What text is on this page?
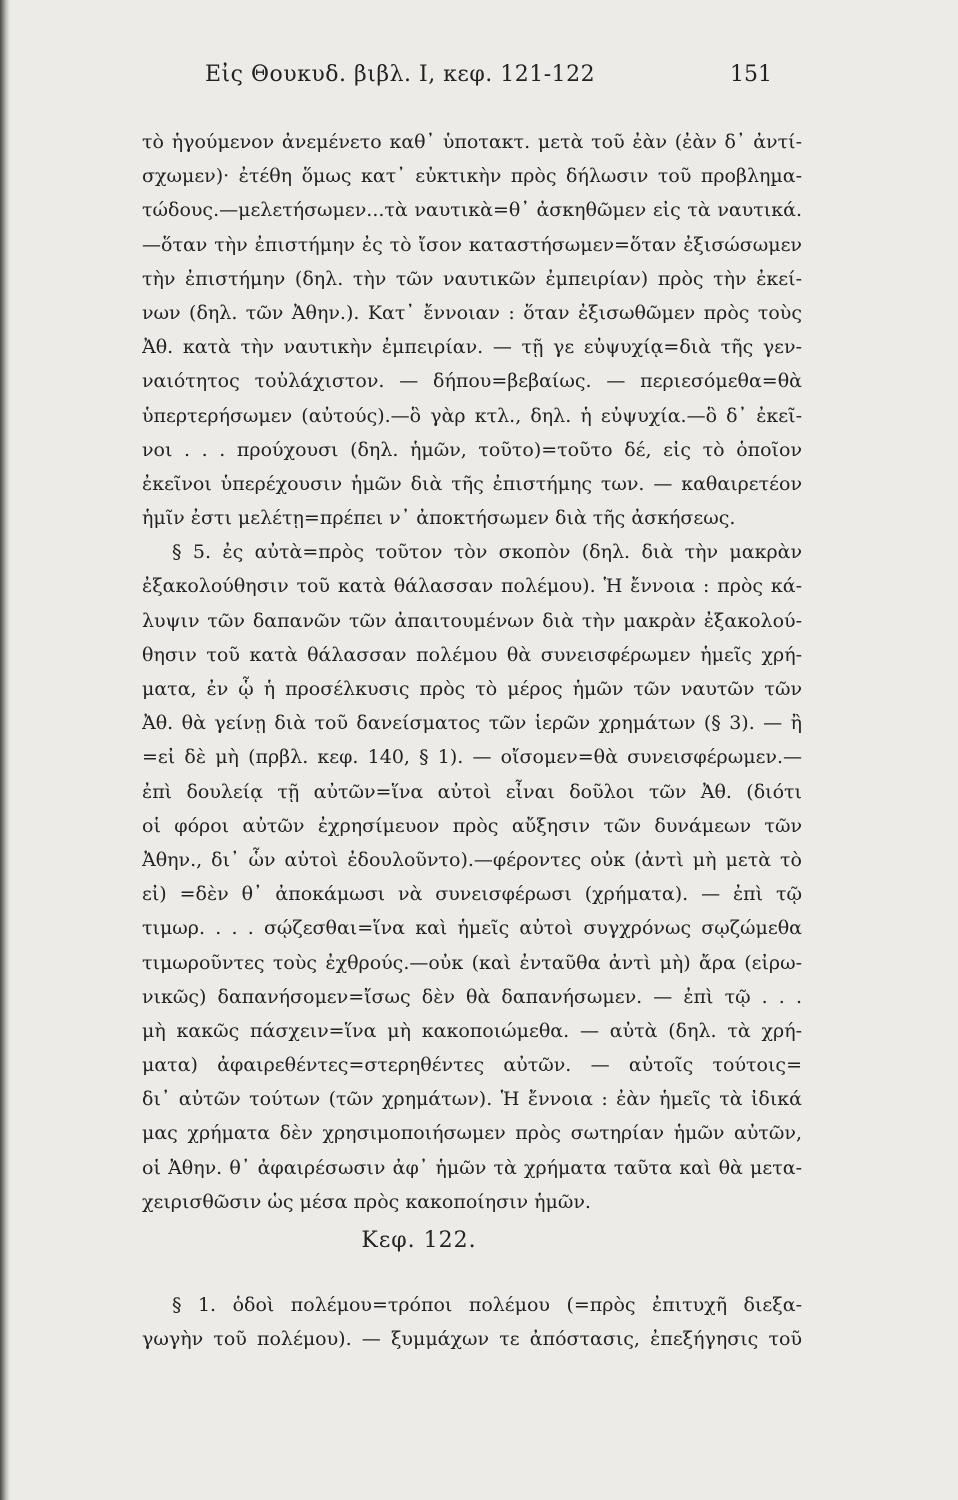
Εἰς Θουκυδ. βιβλ. I, κεφ. 121-122	151
τὸ ἡγούμενον ἀνεμένετο καθ᾽ ὑποτακτ. μετὰ τοῦ ἐὰν (ἐὰν δ᾽ ἀντί-
σχωμεν)· ἐτέθη ὅμως κατ᾽ εὐκτικὴν πρὸς δήλωσιν τοῦ προβληµα-
τώδους.—μελετήσωμεν...τὰ ναυτικὰ=θ᾽ ἀσκηθῶμεν εἰς τὰ ναυτικά.
—ὅταν τὴν ἐπιστήμην ἐς τὸ ἴσον καταστήσωμεν=ὅταν ἐξισώσωμεν
τὴν ἐπιστήμην (δηλ. τὴν τῶν ναυτικῶν ἐμπειρίαν) πρὸς τὴν ἐκεί-
νων (δηλ. τῶν Ἀθην.). Κατ᾽ ἔννοιαν : ὅταν ἐξισωθῶμεν πρὸς τοὺς
Ἀθ. κατὰ τὴν ναυτικὴν ἐμπειρίαν. — τῇ γε εὐψυχίᾳ=διὰ τῆς γεν-
ναιότητος τοὐλάχιστον. — δήπου=βεβαίως. — περιεσόμεθα=θὰ
ὑπερτερήσωμεν (αὐτούς).—ὃ γὰρ κτλ., δηλ. ἡ εὐψυχία.—ὃ δ᾽ ἐκεῖ-
νοι . . . προύχουσι (δηλ. ἡμῶν, τοῦτο)=τοῦτο δέ, εἰς τὸ ὁποῖον
ἐκεῖνοι ὑπερέχουσιν ἡμῶν διὰ τῆς ἐπιστήμης των. — καθαιρετέον
ἡμῖν ἐστι μελέτῃ=πρέπει ν᾽ ἀποκτήσωμεν διὰ τῆς ἀσκήσεως.
§ 5. ἐς αὐτὰ=πρὸς τοῦτον τὸν σκοπὸν (δηλ. διὰ τὴν μακρὰν
ἐξακολούθησιν τοῦ κατὰ θάλασσαν πολέμου). Ἡ ἔννοια : πρὸς κά-
λυψιν τῶν δαπανῶν τῶν ἀπαιτουμένων διὰ τὴν μακρὰν ἐξακολού-
θησιν τοῦ κατὰ θάλασσαν πολέμου θὰ συνεισφέρωμεν ἡμεῖς χρή-
ματα, ἐν ᾧ ἡ προσέλκυσις πρὸς τὸ μέρος ἡμῶν τῶν ναυτῶν τῶν
Ἀθ. θὰ γείνῃ διὰ τοῦ δανείσματος τῶν ἱερῶν χρημάτων (§ 3). — ἢ
=εἰ δὲ μὴ (πρβλ. κεφ. 140, § 1). — οἴσομεν=θὰ συνεισφέρωμεν.—
ἐπὶ δουλείᾳ τῇ αὐτῶν=ἵνα αὐτοὶ εἶναι δοῦλοι τῶν Ἀθ. (διότι
οἱ φόροι αὐτῶν ἐχρησίμευον πρὸς αὔξησιν τῶν δυνάμεων τῶν
Ἀθην., δι᾽ ὧν αὐτοὶ ἐδουλοῦντο).—φέροντες οὐκ (ἀντὶ μὴ μετὰ τὸ
εἰ) =δὲν θ᾽ ἀποκάμωσι νὰ συνεισφέρωσι (χρήματα). — ἐπὶ τῷ
τιμωρ. . . . σῴζεσθαι=ἵνα καὶ ἡμεῖς αὐτοὶ συγχρόνως σῳζώμεθα
τιμωροῦντες τοὺς ἐχθρούς.—οὐκ (καὶ ἐνταῦθα ἀντὶ μὴ) ἄρα (εἰρω-
νικῶς) δαπανήσομεν=ἴσως δὲν θὰ δαπανήσωμεν. — ἐπὶ τῷ . . .
μὴ κακῶς πάσχειν=ἵνα μὴ κακοποιώμεθα. — αὐτὰ (δηλ. τὰ χρή-
ματα) ἀφαιρεθέντες=στερηθέντες αὐτῶν. — αὐτοῖς τούτοις=
δι᾽ αὐτῶν τούτων (τῶν χρημάτων). Ἡ ἔννοια : ἐὰν ἡμεῖς τὰ ἰδικά
μας χρήματα δὲν χρησιμοποιήσωμεν πρὸς σωτηρίαν ἡμῶν αὐτῶν,
οἱ Ἀθην. θ᾽ ἀφαιρέσωσιν ἀφ᾽ ἡμῶν τὰ χρήματα ταῦτα καὶ θὰ μετα-
χειρισθῶσιν ὡς μέσα πρὸς κακοποίησιν ἡμῶν.
Κεφ. 122.
§ 1. ὁδοὶ πολέμου=τρόποι πολέμου (=πρὸς ἐπιτυχῆ διεξα-
γωγὴν τοῦ πολέμου). — ξυμμάχων τε ἀπόστασις, ἐπεξήγησις τοῦ
